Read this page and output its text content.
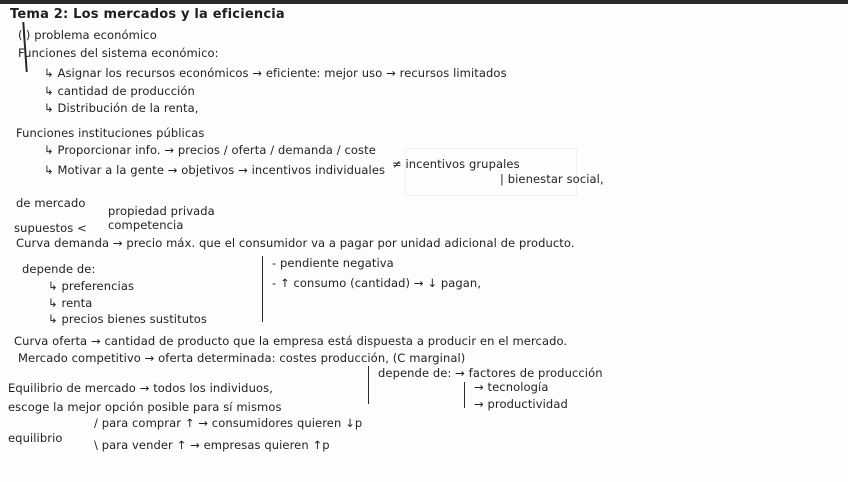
Tema 2: Los mercados y la eficiencia
(i) problema económico
Funciones del sistema económico:
↳ Asignar los recursos económicos → eficiente: mejor uso → recursos limitados
↳ cantidad de producción
↳ Distribución de la renta,
Funciones instituciones públicas
↳ Proporcionar info. → precios / oferta / demanda / coste
↳ Motivar a la gente → objetivos → incentivos individuales ≠ incentivos grupales
| bienestar social,
de mercado
propiedad privada
supuestos < competencia
Curva demanda → precio máx. que el consumidor va a pagar por unidad adicional de producto.
depende de:
↳ preferencias
↳ renta
↳ precios bienes sustitutos
- pendiente negativa
- ↑ consumo (cantidad) → ↓ pagan,
Curva oferta → cantidad de producto que la empresa está dispuesta a producir en el mercado.
Mercado competitivo → oferta determinada: costes producción, (C marginal)
Equilibrio de mercado → todos los individuos,
escoge la mejor opción posible para sí mismos
depende de: → factores de producción
→ tecnología
→ productividad
equilibrio
/ para comprar ↑ → consumidores quieren ↓p
\ para vender ↑ → empresas quieren ↑p
